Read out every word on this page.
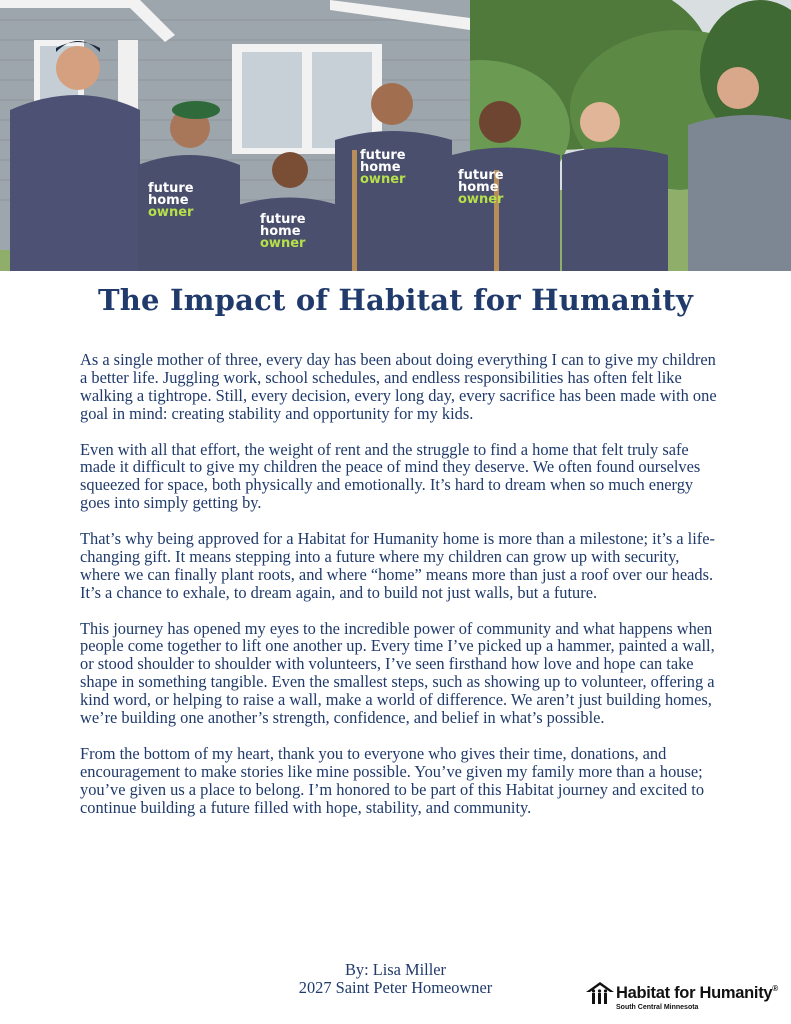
future
home
owner	future
home
owner
future
home
owner	future
home
owner
The Impact of Habitat for Humanity

As a single mother of three, every day has been about doing everything I can to give my children a better life. Juggling work, school schedules, and endless responsibilities has often felt like walking a tightrope. Still, every decision, every long day, every sacrifice has been made with one goal in mind: creating stability and opportunity for my kids.

Even with all that effort, the weight of rent and the struggle to find a home that felt truly safe made it difficult to give my children the peace of mind they deserve. We often found ourselves squeezed for space, both physically and emotionally. It’s hard to dream when so much energy goes into simply getting by.

That’s why being approved for a Habitat for Humanity home is more than a milestone; it’s a life-changing gift. It means stepping into a future where my children can grow up with security, where we can finally plant roots, and where “home” means more than just a roof over our heads. It’s a chance to exhale, to dream again, and to build not just walls, but a future.

This journey has opened my eyes to the incredible power of community and what happens when people come together to lift one another up. Every time I’ve picked up a hammer, painted a wall, or stood shoulder to shoulder with volunteers, I’ve seen firsthand how love and hope can take shape in something tangible. Even the smallest steps, such as showing up to volunteer, offering a kind word, or helping to raise a wall, make a world of difference. We aren’t just building homes, we’re building one another’s strength, confidence, and belief in what’s possible.

From the bottom of my heart, thank you to everyone who gives their time, donations, and encouragement to make stories like mine possible. You’ve given my family more than a house; you’ve given us a place to belong. I’m honored to be part of this Habitat journey and excited to continue building a future filled with hope, stability, and community.

By: Lisa Miller
2027 Saint Peter Homeowner	Habitat for Humanity®
South Central Minnesota
